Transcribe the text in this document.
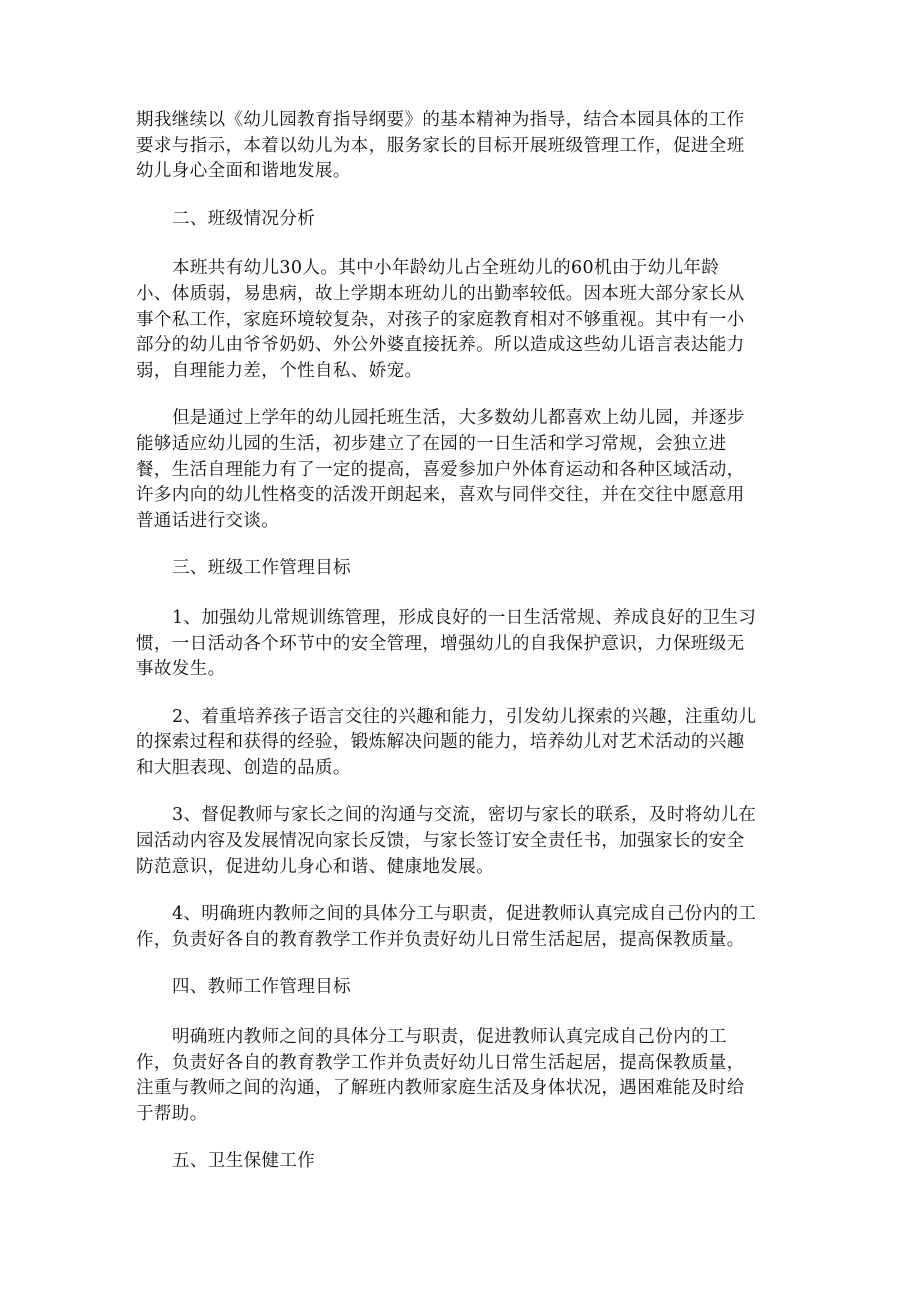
期我继续以《幼儿园教育指导纲要》的基本精神为指导，结合本园具体的工作
要求与指示，本着以幼儿为本，服务家长的目标开展班级管理工作，促进全班
幼儿身心全面和谐地发展。
二、班级情况分析
本班共有幼儿30人。其中小年龄幼儿占全班幼儿的60机由于幼儿年龄
小、体质弱，易患病，故上学期本班幼儿的出勤率较低。因本班大部分家长从
事个私工作，家庭环境较复杂，对孩子的家庭教育相对不够重视。其中有一小
部分的幼儿由爷爷奶奶、外公外婆直接抚养。所以造成这些幼儿语言表达能力
弱，自理能力差，个性自私、娇宠。
但是通过上学年的幼儿园托班生活，大多数幼儿都喜欢上幼儿园，并逐步
能够适应幼儿园的生活，初步建立了在园的一日生活和学习常规，会独立进
餐，生活自理能力有了一定的提高，喜爱参加户外体育运动和各种区域活动，
许多内向的幼儿性格变的活泼开朗起来，喜欢与同伴交往，并在交往中愿意用
普通话进行交谈。
三、班级工作管理目标
1、加强幼儿常规训练管理，形成良好的一日生活常规、养成良好的卫生习
惯，一日活动各个环节中的安全管理，增强幼儿的自我保护意识，力保班级无
事故发生。
2、着重培养孩子语言交往的兴趣和能力，引发幼儿探索的兴趣，注重幼儿
的探索过程和获得的经验，锻炼解决问题的能力，培养幼儿对艺术活动的兴趣
和大胆表现、创造的品质。
3、督促教师与家长之间的沟通与交流，密切与家长的联系，及时将幼儿在
园活动内容及发展情况向家长反馈，与家长签订安全责任书，加强家长的安全
防范意识，促进幼儿身心和谐、健康地发展。
4、明确班内教师之间的具体分工与职责，促进教师认真完成自己份内的工
作，负责好各自的教育教学工作并负责好幼儿日常生活起居，提高保教质量。
四、教师工作管理目标
明确班内教师之间的具体分工与职责，促进教师认真完成自己份内的工
作，负责好各自的教育教学工作并负责好幼儿日常生活起居，提高保教质量，
注重与教师之间的沟通，了解班内教师家庭生活及身体状况，遇困难能及时给
于帮助。
五、卫生保健工作
